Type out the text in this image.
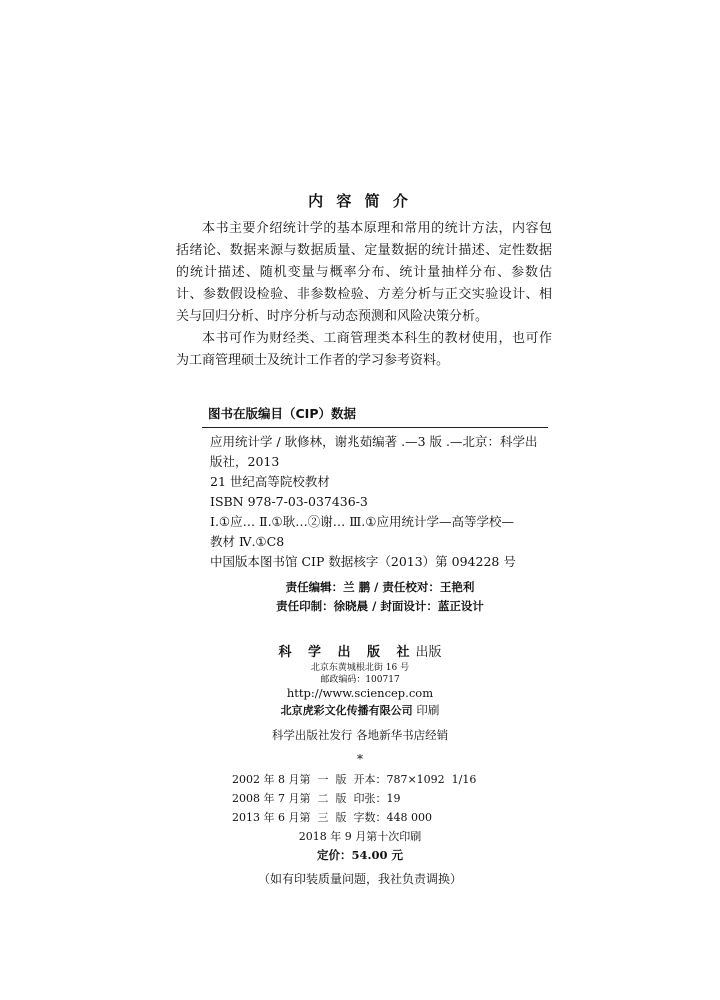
内 容 简 介

本书主要介绍统计学的基本原理和常用的统计方法，内容包括绪论、数据来源与数据质量、定量数据的统计描述、定性数据的统计描述、随机变量与概率分布、统计量抽样分布、参数估计、参数假设检验、非参数检验、方差分析与正交实验设计、相关与回归分析、时序分析与动态预测和风险决策分析。

本书可作为财经类、工商管理类本科生的教材使用，也可作为工商管理硕士及统计工作者的学习参考资料。

图书在版编目（CIP）数据
应用统计学 / 耿修林，谢兆茹编著 .—3 版 .—北京：科学出
版社，2013
21 世纪高等院校教材
ISBN 978-7-03-037436-3
Ⅰ.①应… Ⅱ.①耿…②谢… Ⅲ.①应用统计学—高等学校—
教材 Ⅳ.①C8
中国版本图书馆 CIP 数据核字（2013）第 094228 号
责任编辑：兰 鹏 / 责任校对：王艳利
责任印制：徐晓晨 / 封面设计：蓝正设计
科 学 出 版 社出版
北京东黄城根北街 16 号
邮政编码：100717
http://www.sciencep.com
北京虎彩文化传播有限公司 印刷
科学出版社发行 各地新华书店经销
*
2002 年 8 月第  一  版  开本：787×1092  1/16
2008 年 7 月第  二  版  印张：19
2013 年 6 月第  三  版  字数：448 000
2018 年 9 月第十次印刷
定价：54.00 元
（如有印装质量问题，我社负责调换）
